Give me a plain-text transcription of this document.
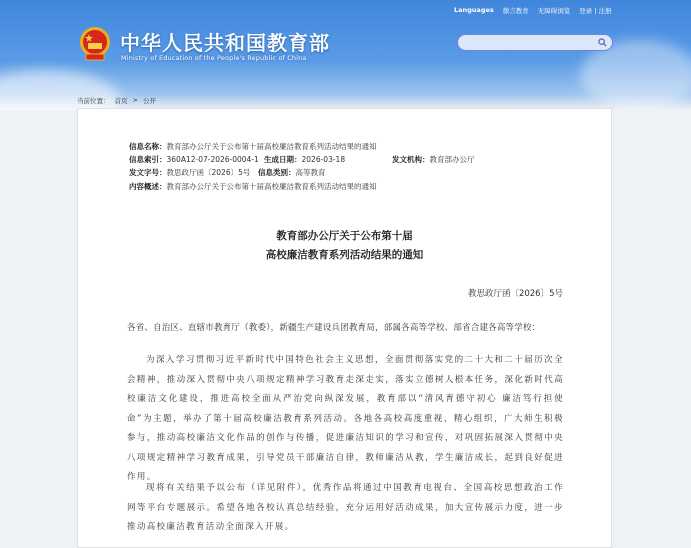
中华人民共和国教育部
Ministry of Education of the People's Republic of China
Languages 微言教育 无障碍浏览 登录 | 注册
当前位置： 首页 > 公开
信息名称：教育部办公厅关于公布第十届高校廉洁教育系列活动结果的通知
信息索引：360A12-07-2026-0004-1 生成日期：2026-03-18	发文机构：教育部办公厅
发文字号：教思政厅函〔2026〕5号 信息类别：高等教育
内容概述：教育部办公厅关于公布第十届高校廉洁教育系列活动结果的通知
教育部办公厅关于公布第十届
高校廉洁教育系列活动结果的通知
教思政厅函〔2026〕5号
各省、自治区、直辖市教育厅（教委），新疆生产建设兵团教育局，部属各高等学校、部省合建各高等学校：

为深入学习贯彻习近平新时代中国特色社会主义思想，全面贯彻落实党的二十大和二十届历次全会精神，推动深入贯彻中央八项规定精神学习教育走深走实，落实立德树人根本任务，深化新时代高校廉洁文化建设，推进高校全面从严治党向纵深发展，教育部以“清风育德守初心 廉洁笃行担使命”为主题，举办了第十届高校廉洁教育系列活动。各地各高校高度重视，精心组织，广大师生积极参与，推动高校廉洁文化作品的创作与传播，促进廉洁知识的学习和宣传，对巩固拓展深入贯彻中央八项规定精神学习教育成果，引导党员干部廉洁自律，教师廉洁从教，学生廉洁成长，起到良好促进作用。

现将有关结果予以公布（详见附件），优秀作品将通过中国教育电视台、全国高校思想政治工作网等平台专题展示。希望各地各校认真总结经验，充分运用好活动成果，加大宣传展示力度，进一步推动高校廉洁教育活动全面深入开展。
